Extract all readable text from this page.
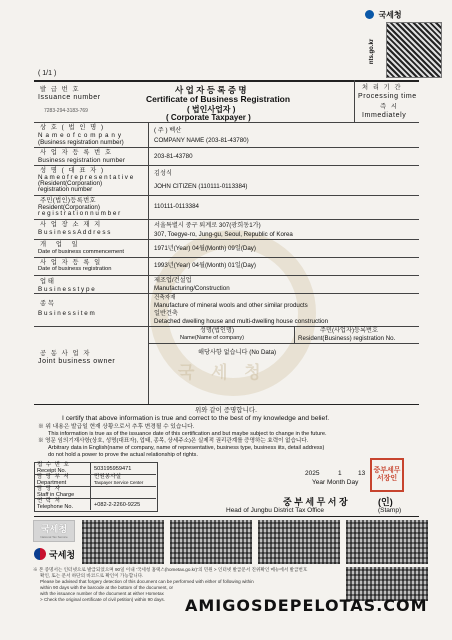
국세청
nts.go.kr
( 1/1 )
발 급 번 호
Issuance number
7283-294-3183-769
사 업 자 등 록 증 명
Certificate of Business Registration
( 법인사업자 )
( Corporate Taxpayer )
처 리 기 간
Processing time
즉 시
Immediately
국 세 청
상 호 ( 법 인 명 )
N a m e o f c o m p a n y
(Business registration number)
( 주 ) 벡산
COMPANY NAME (203-81-43780)
사 업 자 등 록 번 호
Business registration number
203-81-43780
성 명 ( 대 표 자 )
N a m e o f r e p r e s e n t a t i v e
(Resident(Corporation)
registration number
김성식
JOHN CITIZEN (110111-0113384)
주민(법인)등록번호
Resident(Corporation)
r e g i s t r a t i o n n u m b e r
110111-0113384
사 업 장 소 재 지
B u s i n e s s A d d r e s s
서울특별시 중구 퇴계로 307(광희동1가)
307, Toegye-ro, Jung-gu, Seoul, Republic of Korea
개 업 일
Date of business commencement	1971년(Year) 04월(Month) 09일(Day)
사 업 자 등 록 일
Date of business registration	1993년(Year) 04월(Month) 01일(Day)
업 태
B u s i n e s s t y p e
제조업/건설업
Manufacturing/Construction
종 목
B u s i n e s s i t e m
건축자재
Manufacture of mineral wools and other similar products
일반건축
Detached dwelling house and multi-dwelling house construction
공 동 사 업 자
Joint business owner
성명(법인명)
Name(Name of company)
주민(사업자)등록번호
Resident(Business) registration No.
해당사항 없습니다 (No Data)
위와 같이 증명합니다.
I certify that above information is true and correct to the best of my knowledge and belief.
※ 위 내용은 발급일 현재 상황으로서 추후 변경될 수 있습니다.
This information is true as of the issuance date of this certification and but maybe subject to change in the future.
※ 영문 임의기재사항(상호, 성명(대표자), 업태, 종목, 상세주소)은 실제적 권리관계를 증명하는 효력이 없습니다.
Arbitrary data in English(name of company, name of representative, business type, business iits, detail address)
do not hold a power to prove the actual relationship of rights.
접 수 번 호
Receipt No.	503195959471
담 당 부 서
Department
민원봉사실
Taxpayer Service Center
담 당 자
Staff in Charge
연 락 처
Telephone No.	+082-2-2260-9225
2025	1	13
Year Month Day
중부세무서장인
중 부 세 무 서 장	(인)
Head of Jungbu District Tax Office	(Stamp)
국세청
National Tax Service
국세청
※ 본 증명서는 인터넷으로 발급되었으며 90일 이내 ‘국세청 홈택스(hometax.go.kr)’의 민원 > 인터넷 발급문서 진위확인 메뉴에서 발급번호
확인, 또는 문서 하단의 바코드로 확인이 가능합니다.
Please be advised that forgery detection of this document can be performed with either of following within
within 90 days with the barcode at the bottom of the document, or
with the issuance number of the document at either Hometax
> Check the original certificate of civil petition) within 90 days. AMIGOSDEPELOTAS.COM
